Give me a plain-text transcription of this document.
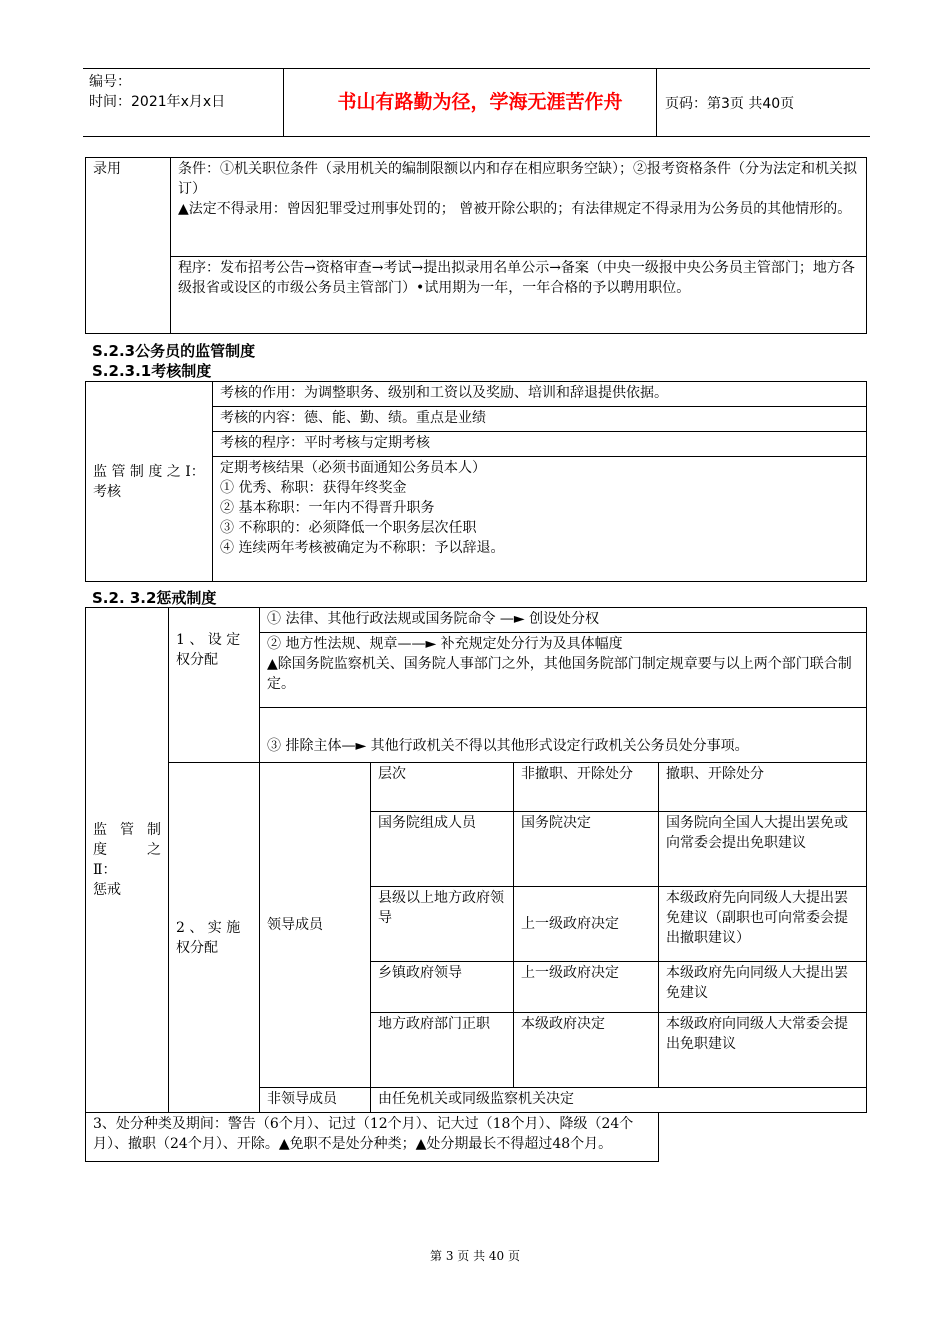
编号：
时间：2021年x月x日	书山有路勤为径，学海无涯苦作舟	页码：第3页 共40页
录用	条件：①机关职位条件（录用机关的编制限额以内和存在相应职务空缺）；②报考资格条件（分为法定和机关拟订）
▲法定不得录用：曾因犯罪受过刑事处罚的； 曾被开除公职的；有法律规定不得录用为公务员的其他情形的。

程序：发布招考公告→资格审查→考试→提出拟录用名单公示→备案（中央一级报中央公务员主管部门；地方各级报省或设区的市级公务员主管部门）•试用期为一年，一年合格的予以聘用职位。
S.2.3公务员的监管制度
S.2.3.1考核制度
监 管 制 度 之 Ⅰ：
考核
	考核的作用：为调整职务、级别和工资以及奖励、培训和辞退提供依据。
考核的内容：德、能、勤、绩。重点是业绩
考核的程序：平时考核与定期考核

定期考核结果（必须书面通知公务员本人）
① 优秀、称职：获得年终奖金
② 基本称职：一年内不得晋升职务
③ 不称职的：必须降低一个职务层次任职
④ 连续两年考核被确定为不称职：予以辞退。
S.2. 3.2惩戒制度
监 管 制
度 之
Ⅱ：
惩戒	1 、 设 定 权分配	① 法律、其他行政法规或国务院命令 —► 创设处分权			

		② 地方性法规、规章——► 补充规定处分行为及具体幅度
▲除国务院监察机关、国务院人事部门之外，其他国务院部门制定规章要与以上两个部门联合制定。			

		③ 排除主体—► 其他行政机关不得以其他形式设定行政机关公务员处分事项。			
	2 、 实 施 权分配	领导成员	层次	非撤职、开除处分	撤职、开除处分
			国务院组成人员	国务院决定	国务院向全国人大提出罢免或向常委会提出免职建议
			县级以上地方政府领导	上一级政府决定	本级政府先向同级人大提出罢免建议（副职也可向常委会提出撤职建议）
			乡镇政府领导	上一级政府决定	本级政府先向同级人大提出罢免建议
			地方政府部门正职	本级政府决定	本级政府向同级人大常委会提出免职建议
		非领导成员	由任免机关或同级监察机关决定		
3、处分种类及期间：警告（6个月）、记过（12个月）、记大过（18个月）、降级（24个月）、撤职（24个月）、开除。▲免职不是处分种类；▲处分期最长不得超过48个月。					
第 3 页 共 40 页
